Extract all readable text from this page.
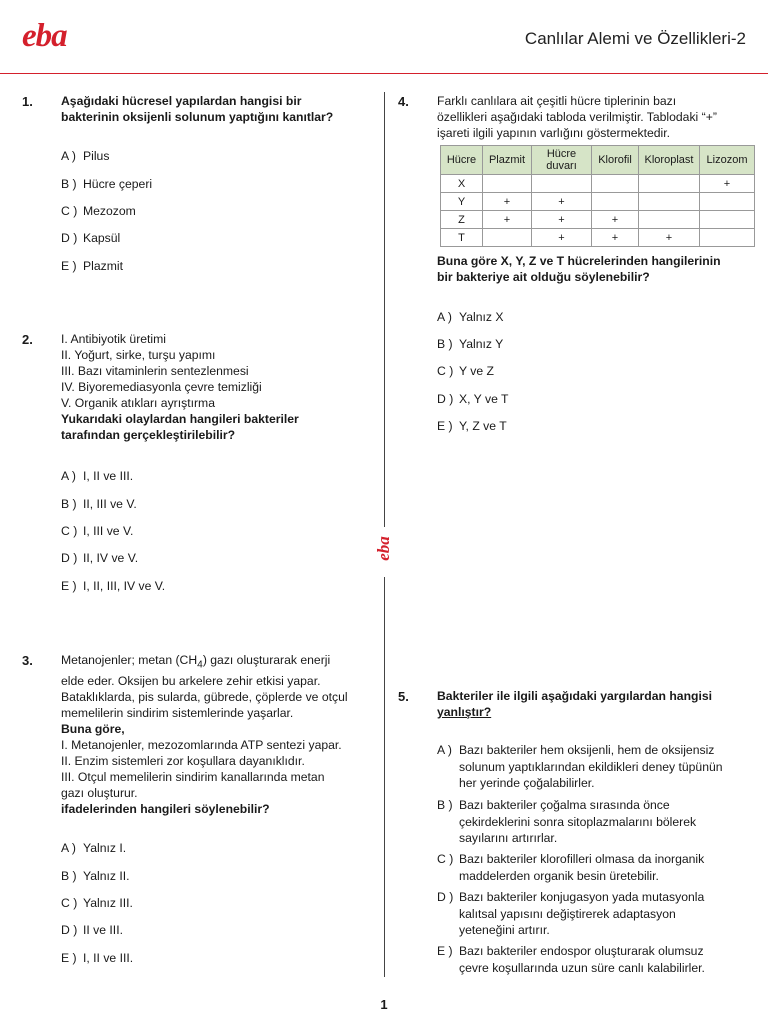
eba	Canlılar Alemi ve Özellikleri-2
eba
1. Aşağıdaki hücresel yapılardan hangisi bir
bakterinin oksijenli solunum yaptığını kanıtlar?
A ) Pilus
B ) Hücre çeperi
C ) Mezozom
D ) Kapsül
E ) Plazmit
2. I. Antibiyotik üretimi
II. Yoğurt, sirke, turşu yapımı
III. Bazı vitaminlerin sentezlenmesi
IV. Biyoremediasyonla çevre temizliği
V. Organik atıkları ayrıştırma
Yukarıdaki olaylardan hangileri bakteriler
tarafından gerçekleştirilebilir?
A ) I, II ve III.
B ) II, III ve V.
C ) I, III ve V.
D ) II, IV ve V.
E ) I, II, III, IV ve V.
3. Metanojenler; metan $(CH_4)$ gazı oluşturarak enerji
elde eder. Oksijen bu arkelere zehir etkisi yapar.
Bataklıklarda, pis sularda, gübrede, çöplerde ve otçul
memelilerin sindirim sistemlerinde yaşarlar.
Buna göre,
I. Metanojenler, mezozomlarında ATP sentezi yapar.
II. Enzim sistemleri zor koşullara dayanıklıdır.
III. Otçul memelilerin sindirim kanallarında metan
gazı oluşturur.
ifadelerinden hangileri söylenebilir?
A ) Yalnız I.
B ) Yalnız II.
C ) Yalnız III.
D ) II ve III.
E ) I, II ve III.
4. Farklı canlılara ait çeşitli hücre tiplerinin bazı
özellikleri aşağıdaki tabloda verilmiştir. Tablodaki “+”
işareti ilgili yapının varlığını göstermektedir.
Hücre	Plazmit	Hücre duvarı	Klorofil	Kloroplast	Lizozom
X					+
Y	+	+			
Z	+	+	+		
T		+	+	+	
Buna göre X, Y, Z ve T hücrelerinden hangilerinin
bir bakteriye ait olduğu söylenebilir?
A ) Yalnız X
B ) Yalnız Y
C ) Y ve Z
D ) X, Y ve T
E ) Y, Z ve T
5. Bakteriler ile ilgili aşağıdaki yargılardan hangisi
yanlıştır?
A ) Bazı bakteriler hem oksijenli, hem de oksijensiz
solunum yaptıklarından ekildikleri deney tüpünün
her yerinde çoğalabilirler.
B ) Bazı bakteriler çoğalma sırasında önce
çekirdeklerini sonra sitoplazmalarını bölerek
sayılarını artırırlar.
C ) Bazı bakteriler klorofilleri olmasa da inorganik
maddelerden organik besin üretebilir.
D ) Bazı bakteriler konjugasyon yada mutasyonla
kalıtsal yapısını değiştirerek adaptasyon
yeteneğini artırır.
E ) Bazı bakteriler endospor oluşturarak olumsuz
çevre koşullarında uzun süre canlı kalabilirler.
1
